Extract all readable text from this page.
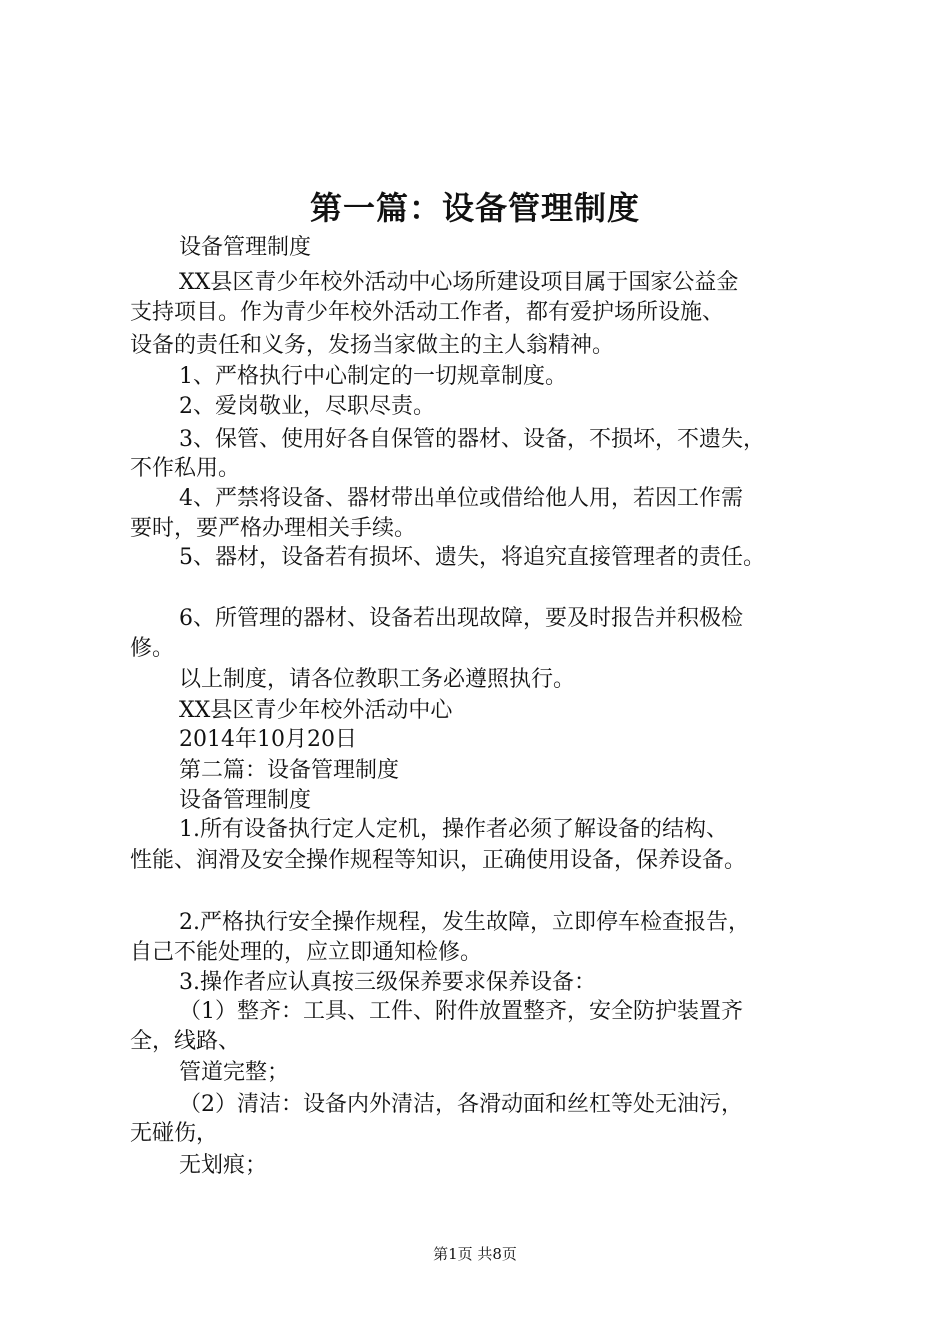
第一篇：设备管理制度
设备管理制度
XX县区青少年校外活动中心场所建设项目属于国家公益金
支持项目。作为青少年校外活动工作者，都有爱护场所设施、
设备的责任和义务，发扬当家做主的主人翁精神。
1、严格执行中心制定的一切规章制度。
2、爱岗敬业，尽职尽责。
3、保管、使用好各自保管的器材、设备，不损坏，不遗失，
不作私用。
4、严禁将设备、器材带出单位或借给他人用，若因工作需
要时，要严格办理相关手续。
5、器材，设备若有损坏、遗失，将追究直接管理者的责任。
6、所管理的器材、设备若出现故障，要及时报告并积极检
修。
以上制度，请各位教职工务必遵照执行。
XX县区青少年校外活动中心
2014年10月20日
第二篇：设备管理制度
设备管理制度
1.所有设备执行定人定机，操作者必须了解设备的结构、
性能、润滑及安全操作规程等知识，正确使用设备，保养设备。
2.严格执行安全操作规程，发生故障，立即停车检查报告，
自己不能处理的，应立即通知检修。
3.操作者应认真按三级保养要求保养设备：
（1）整齐：工具、工件、附件放置整齐，安全防护装置齐
全，线路、
管道完整；
（2）清洁：设备内外清洁，各滑动面和丝杠等处无油污，
无碰伤，
无划痕；
第1页 共8页
